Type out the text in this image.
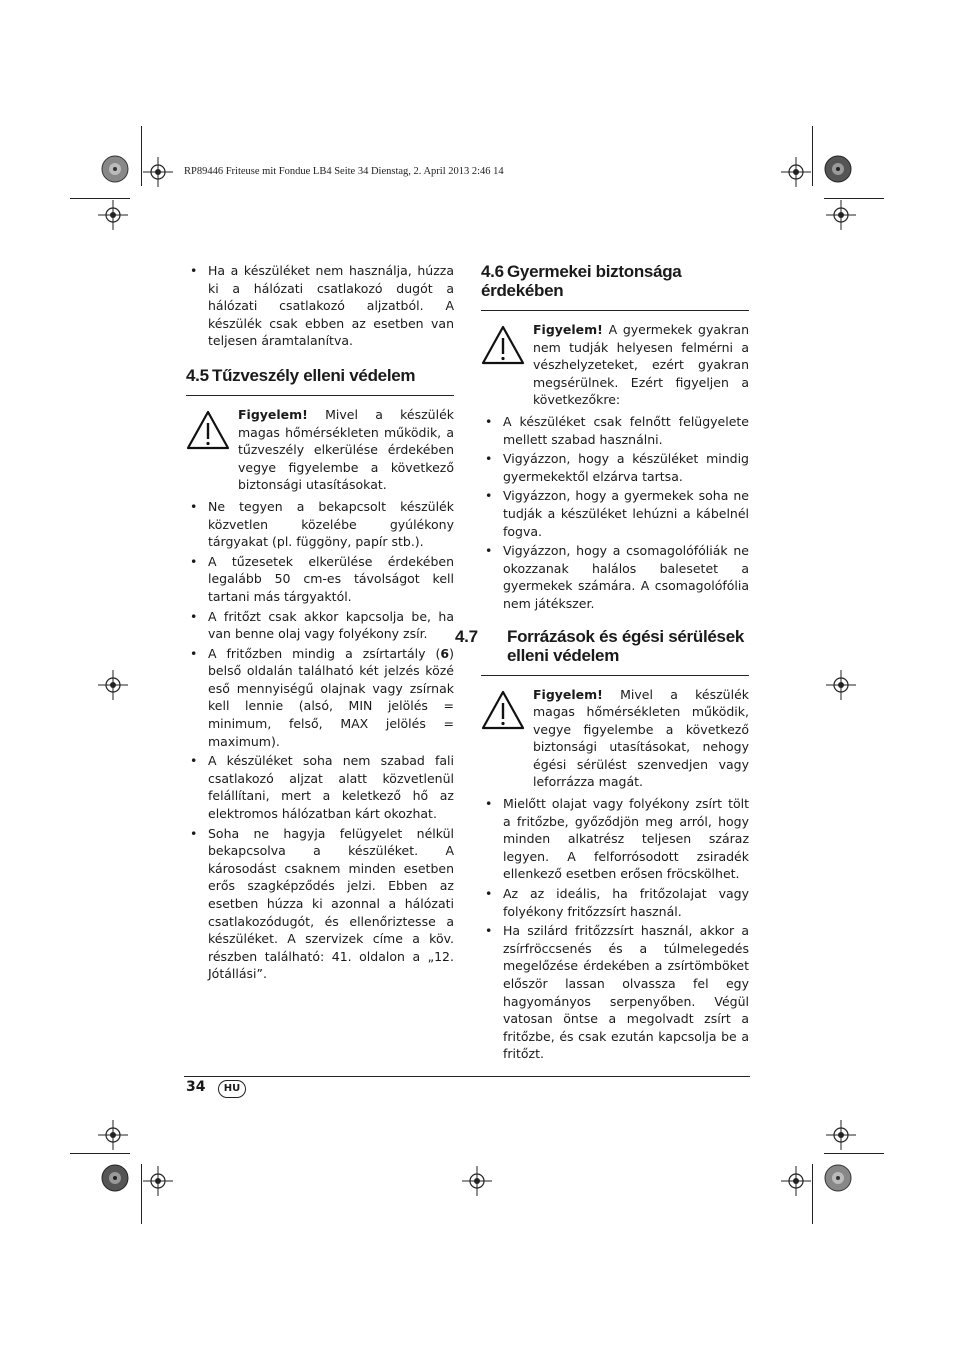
RP89446 Friteuse mit Fondue LB4 Seite 34 Dienstag, 2. April 2013 2:46 14
• Ha a készüléket nem használja, húzza ki a hálózati csatlakozó dugót a hálózati csatlakozó aljzatból. A készülék csak ebben az esetben van teljesen áramtalanítva.
4.5 Tűzveszély elleni védelem
Figyelem! Mivel a készülék magas hőmérsékleten működik, a tűzveszély elkerülése érdekében vegye figyelembe a következő biztonsági utasításokat.
• Ne tegyen a bekapcsolt készülék közvetlen közelébe gyúlékony tárgyakat (pl. függöny, papír stb.).
• A tűzesetek elkerülése érdekében legalább 50 cm-es távolságot kell tartani más tárgyaktól.
• A fritőzt csak akkor kapcsolja be, ha van benne olaj vagy folyékony zsír.
• A fritőzben mindig a zsírtartály (6) belső oldalán található két jelzés közé eső mennyiségű olajnak vagy zsírnak kell lennie (alsó, MIN jelölés = minimum, felső, MAX jelölés = maximum).
• A készüléket soha nem szabad fali csatlakozó aljzat alatt közvetlenül felállítani, mert a keletkező hő az elektromos hálózatban kárt okozhat.
• Soha ne hagyja felügyelet nélkül bekapcsolva a készüléket. A károsodást csaknem minden esetben erős szagképződés jelzi. Ebben az esetben húzza ki azonnal a hálózati csatlakozódugót, és ellenőriztesse a készüléket. A szervizek címe a köv. részben található: 41. oldalon a „12. Jótállási”.
4.6 Gyermekei biztonsága érdekében
Figyelem! A gyermekek gyakran nem tudják helyesen felmérni a vészhelyzeteket, ezért gyakran megsérülnek. Ezért figyeljen a következőkre:
• A készüléket csak felnőtt felügyelete mellett szabad használni.
• Vigyázzon, hogy a készüléket mindig gyermekektől elzárva tartsa.
• Vigyázzon, hogy a gyermekek soha ne tudják a készüléket lehúzni a kábelnél fogva.
• Vigyázzon, hogy a csomagolófóliák ne okozzanak halálos balesetet a gyermekek számára. A csomagolófólia nem játékszer.
4.7 Forrázások és égési sérülések elleni védelem
Figyelem! Mivel a készülék magas hőmérsékleten működik, vegye figyelembe a következő biztonsági utasításokat, nehogy égési sérülést szenvedjen vagy leforrázza magát.
• Mielőtt olajat vagy folyékony zsírt tölt a fritőzbe, győződjön meg arról, hogy minden alkatrész teljesen száraz legyen. A felforrósodott zsiradék ellenkező esetben erősen fröcskölhet.
• Az az ideális, ha fritőzolajat vagy folyékony fritőzzsírt használ.
• Ha szilárd fritőzzsírt használ, akkor a zsírfröccsenés és a túlmelegedés megelőzése érdekében a zsírtömböket először lassan olvassza fel egy hagyományos serpenyőben. Végül vatosan öntse a megolvadt zsírt a fritőzbe, és csak ezután kapcsolja be a fritőzt.
34	HU
